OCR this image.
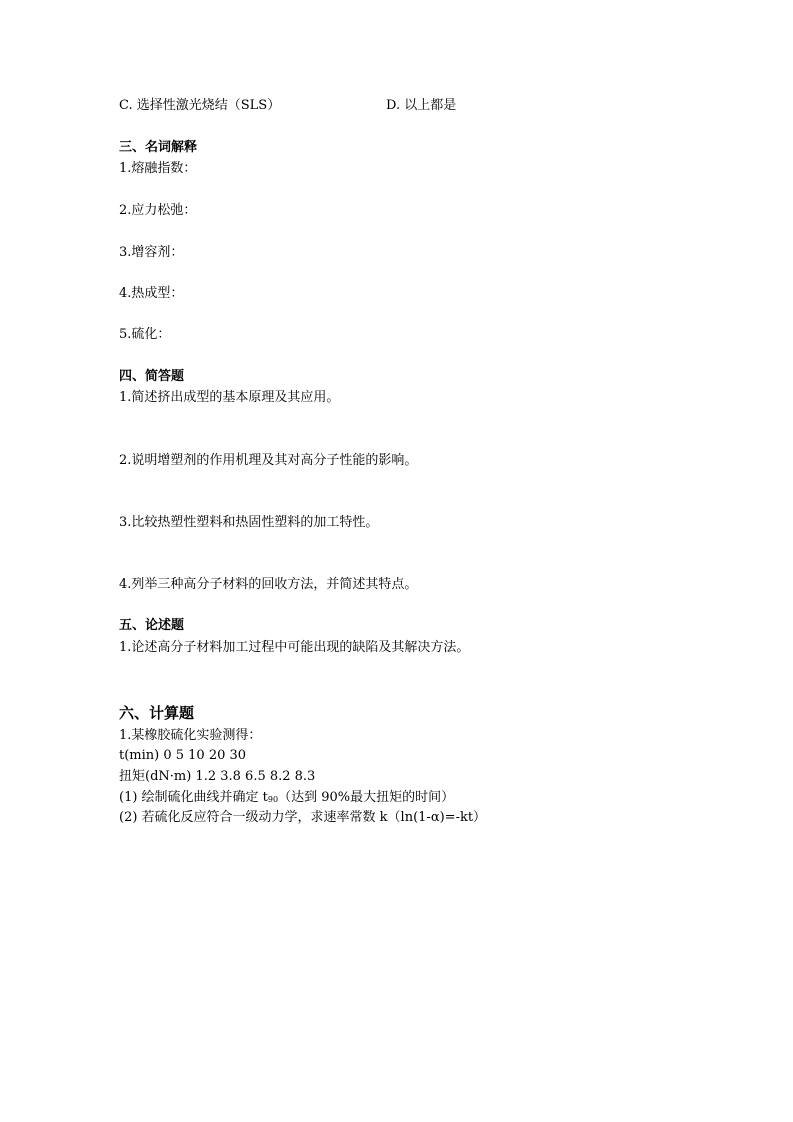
C. 选择性激光烧结（SLS）	D. 以上都是
三、名词解释
1.熔融指数：
2.应力松弛：
3.增容剂：
4.热成型：
5.硫化：
四、简答题
1.简述挤出成型的基本原理及其应用。
2.说明增塑剂的作用机理及其对高分子性能的影响。
3.比较热塑性塑料和热固性塑料的加工特性。
4.列举三种高分子材料的回收方法，并简述其特点。
五、论述题
1.论述高分子材料加工过程中可能出现的缺陷及其解决方法。
六、计算题
1.某橡胶硫化实验测得：
t(min) 0 5 10 20 30
扭矩(dN·m) 1.2 3.8 6.5 8.2 8.3
(1) 绘制硫化曲线并确定 $t_{90}$（达到 90%最大扭矩的时间）
(2) 若硫化反应符合一级动力学，求速率常数 k（ln(1-α)=-kt）
